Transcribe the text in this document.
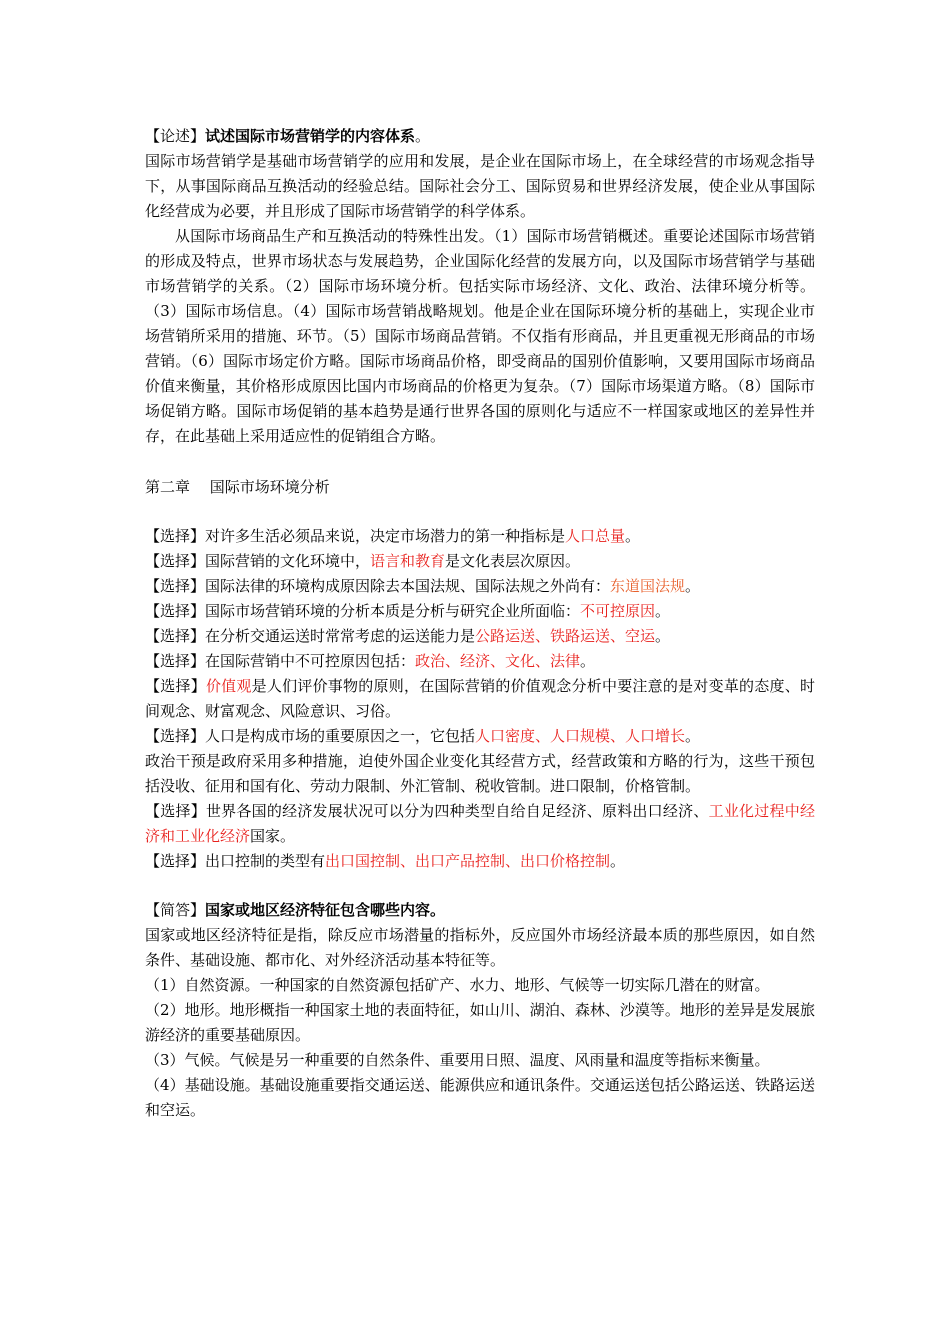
【论述】试述国际市场营销学的内容体系。

国际市场营销学是基础市场营销学的应用和发展，是企业在国际市场上，在全球经营的市场观念指导下，从事国际商品互换活动的经验总结。国际社会分工、国际贸易和世界经济发展，使企业从事国际化经营成为必要，并且形成了国际市场营销学的科学体系。

从国际市场商品生产和互换活动的特殊性出发。（1）国际市场营销概述。重要论述国际市场营销的形成及特点，世界市场状态与发展趋势，企业国际化经营的发展方向，以及国际市场营销学与基础市场营销学的关系。（2）国际市场环境分析。包括实际市场经济、文化、政治、法律环境分析等。（3）国际市场信息。（4）国际市场营销战略规划。他是企业在国际环境分析的基础上，实现企业市场营销所采用的措施、环节。（5）国际市场商品营销。不仅指有形商品，并且更重视无形商品的市场营销。（6）国际市场定价方略。国际市场商品价格，即受商品的国别价值影响，又要用国际市场商品价值来衡量，其价格形成原因比国内市场商品的价格更为复杂。（7）国际市场渠道方略。（8）国际市场促销方略。国际市场促销的基本趋势是通行世界各国的原则化与适应不一样国家或地区的差异性并存，在此基础上采用适应性的促销组合方略。

第二章　 国际市场环境分析

【选择】对许多生活必须品来说，决定市场潜力的第一种指标是人口总量。

【选择】国际营销的文化环境中，语言和教育是文化表层次原因。

【选择】国际法律的环境构成原因除去本国法规、国际法规之外尚有：东道国法规。

【选择】国际市场营销环境的分析本质是分析与研究企业所面临：不可控原因。

【选择】在分析交通运送时常常考虑的运送能力是公路运送、铁路运送、空运。

【选择】在国际营销中不可控原因包括：政治、经济、文化、法律。

【选择】价值观是人们评价事物的原则，在国际营销的价值观念分析中要注意的是对变革的态度、时间观念、财富观念、风险意识、习俗。

【选择】人口是构成市场的重要原因之一，它包括人口密度、人口规模、人口增长。

政治干预是政府采用多种措施，迫使外国企业变化其经营方式，经营政策和方略的行为，这些干预包括没收、征用和国有化、劳动力限制、外汇管制、税收管制。进口限制，价格管制。

【选择】世界各国的经济发展状况可以分为四种类型自给自足经济、原料出口经济、工业化过程中经济和工业化经济国家。

【选择】出口控制的类型有出口国控制、出口产品控制、出口价格控制。

【简答】国家或地区经济特征包含哪些内容。

国家或地区经济特征是指，除反应市场潜量的指标外，反应国外市场经济最本质的那些原因，如自然条件、基础设施、都市化、对外经济活动基本特征等。

（1）自然资源。一种国家的自然资源包括矿产、水力、地形、气候等一切实际几潜在的财富。

（2）地形。地形概指一种国家土地的表面特征，如山川、湖泊、森林、沙漠等。地形的差异是发展旅游经济的重要基础原因。

（3）气候。气候是另一种重要的自然条件、重要用日照、温度、风雨量和温度等指标来衡量。

（4）基础设施。基础设施重要指交通运送、能源供应和通讯条件。交通运送包括公路运送、铁路运送和空运。
